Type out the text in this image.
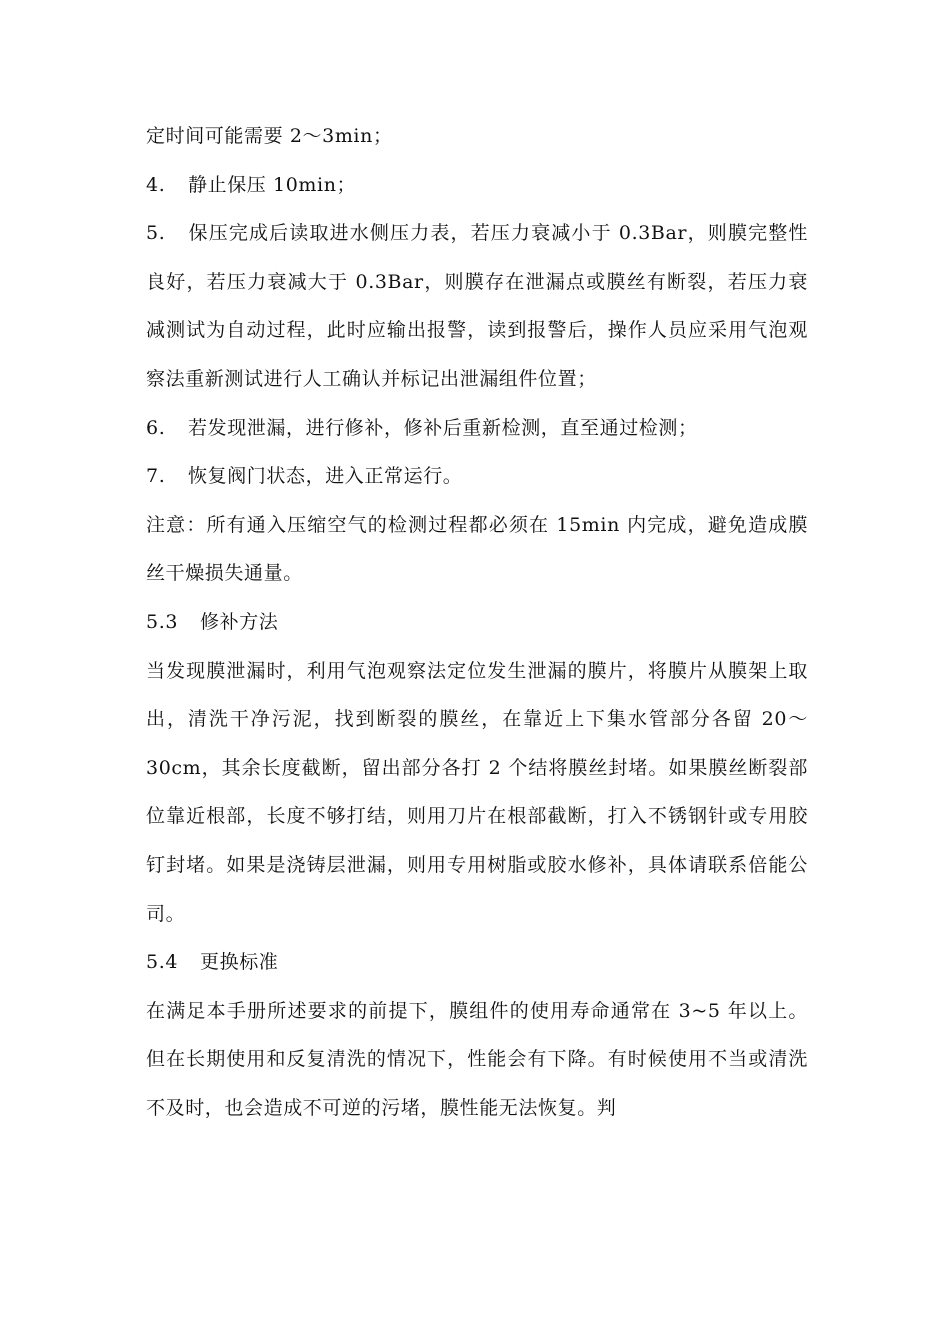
定时间可能需要 2～3min；

4. 静止保压 10min；

5. 保压完成后读取进水侧压力表，若压力衰减小于 0.3Bar，则膜完整性良好，若压力衰减大于 0.3Bar，则膜存在泄漏点或膜丝有断裂，若压力衰减测试为自动过程，此时应输出报警，读到报警后，操作人员应采用气泡观察法重新测试进行人工确认并标记出泄漏组件位置；

6. 若发现泄漏，进行修补，修补后重新检测，直至通过检测；

7. 恢复阀门状态，进入正常运行。

注意：所有通入压缩空气的检测过程都必须在 15min 内完成，避免造成膜丝干燥损失通量。

5.3 修补方法

当发现膜泄漏时，利用气泡观察法定位发生泄漏的膜片，将膜片从膜架上取出，清洗干净污泥，找到断裂的膜丝，在靠近上下集水管部分各留 20～30cm，其余长度截断，留出部分各打 2 个结将膜丝封堵。如果膜丝断裂部位靠近根部，长度不够打结，则用刀片在根部截断，打入不锈钢针或专用胶钉封堵。如果是浇铸层泄漏，则用专用树脂或胶水修补，具体请联系倍能公司。

5.4 更换标准

在满足本手册所述要求的前提下，膜组件的使用寿命通常在 3~5 年以上。但在长期使用和反复清洗的情况下，性能会有下降。有时候使用不当或清洗不及时，也会造成不可逆的污堵，膜性能无法恢复。判
